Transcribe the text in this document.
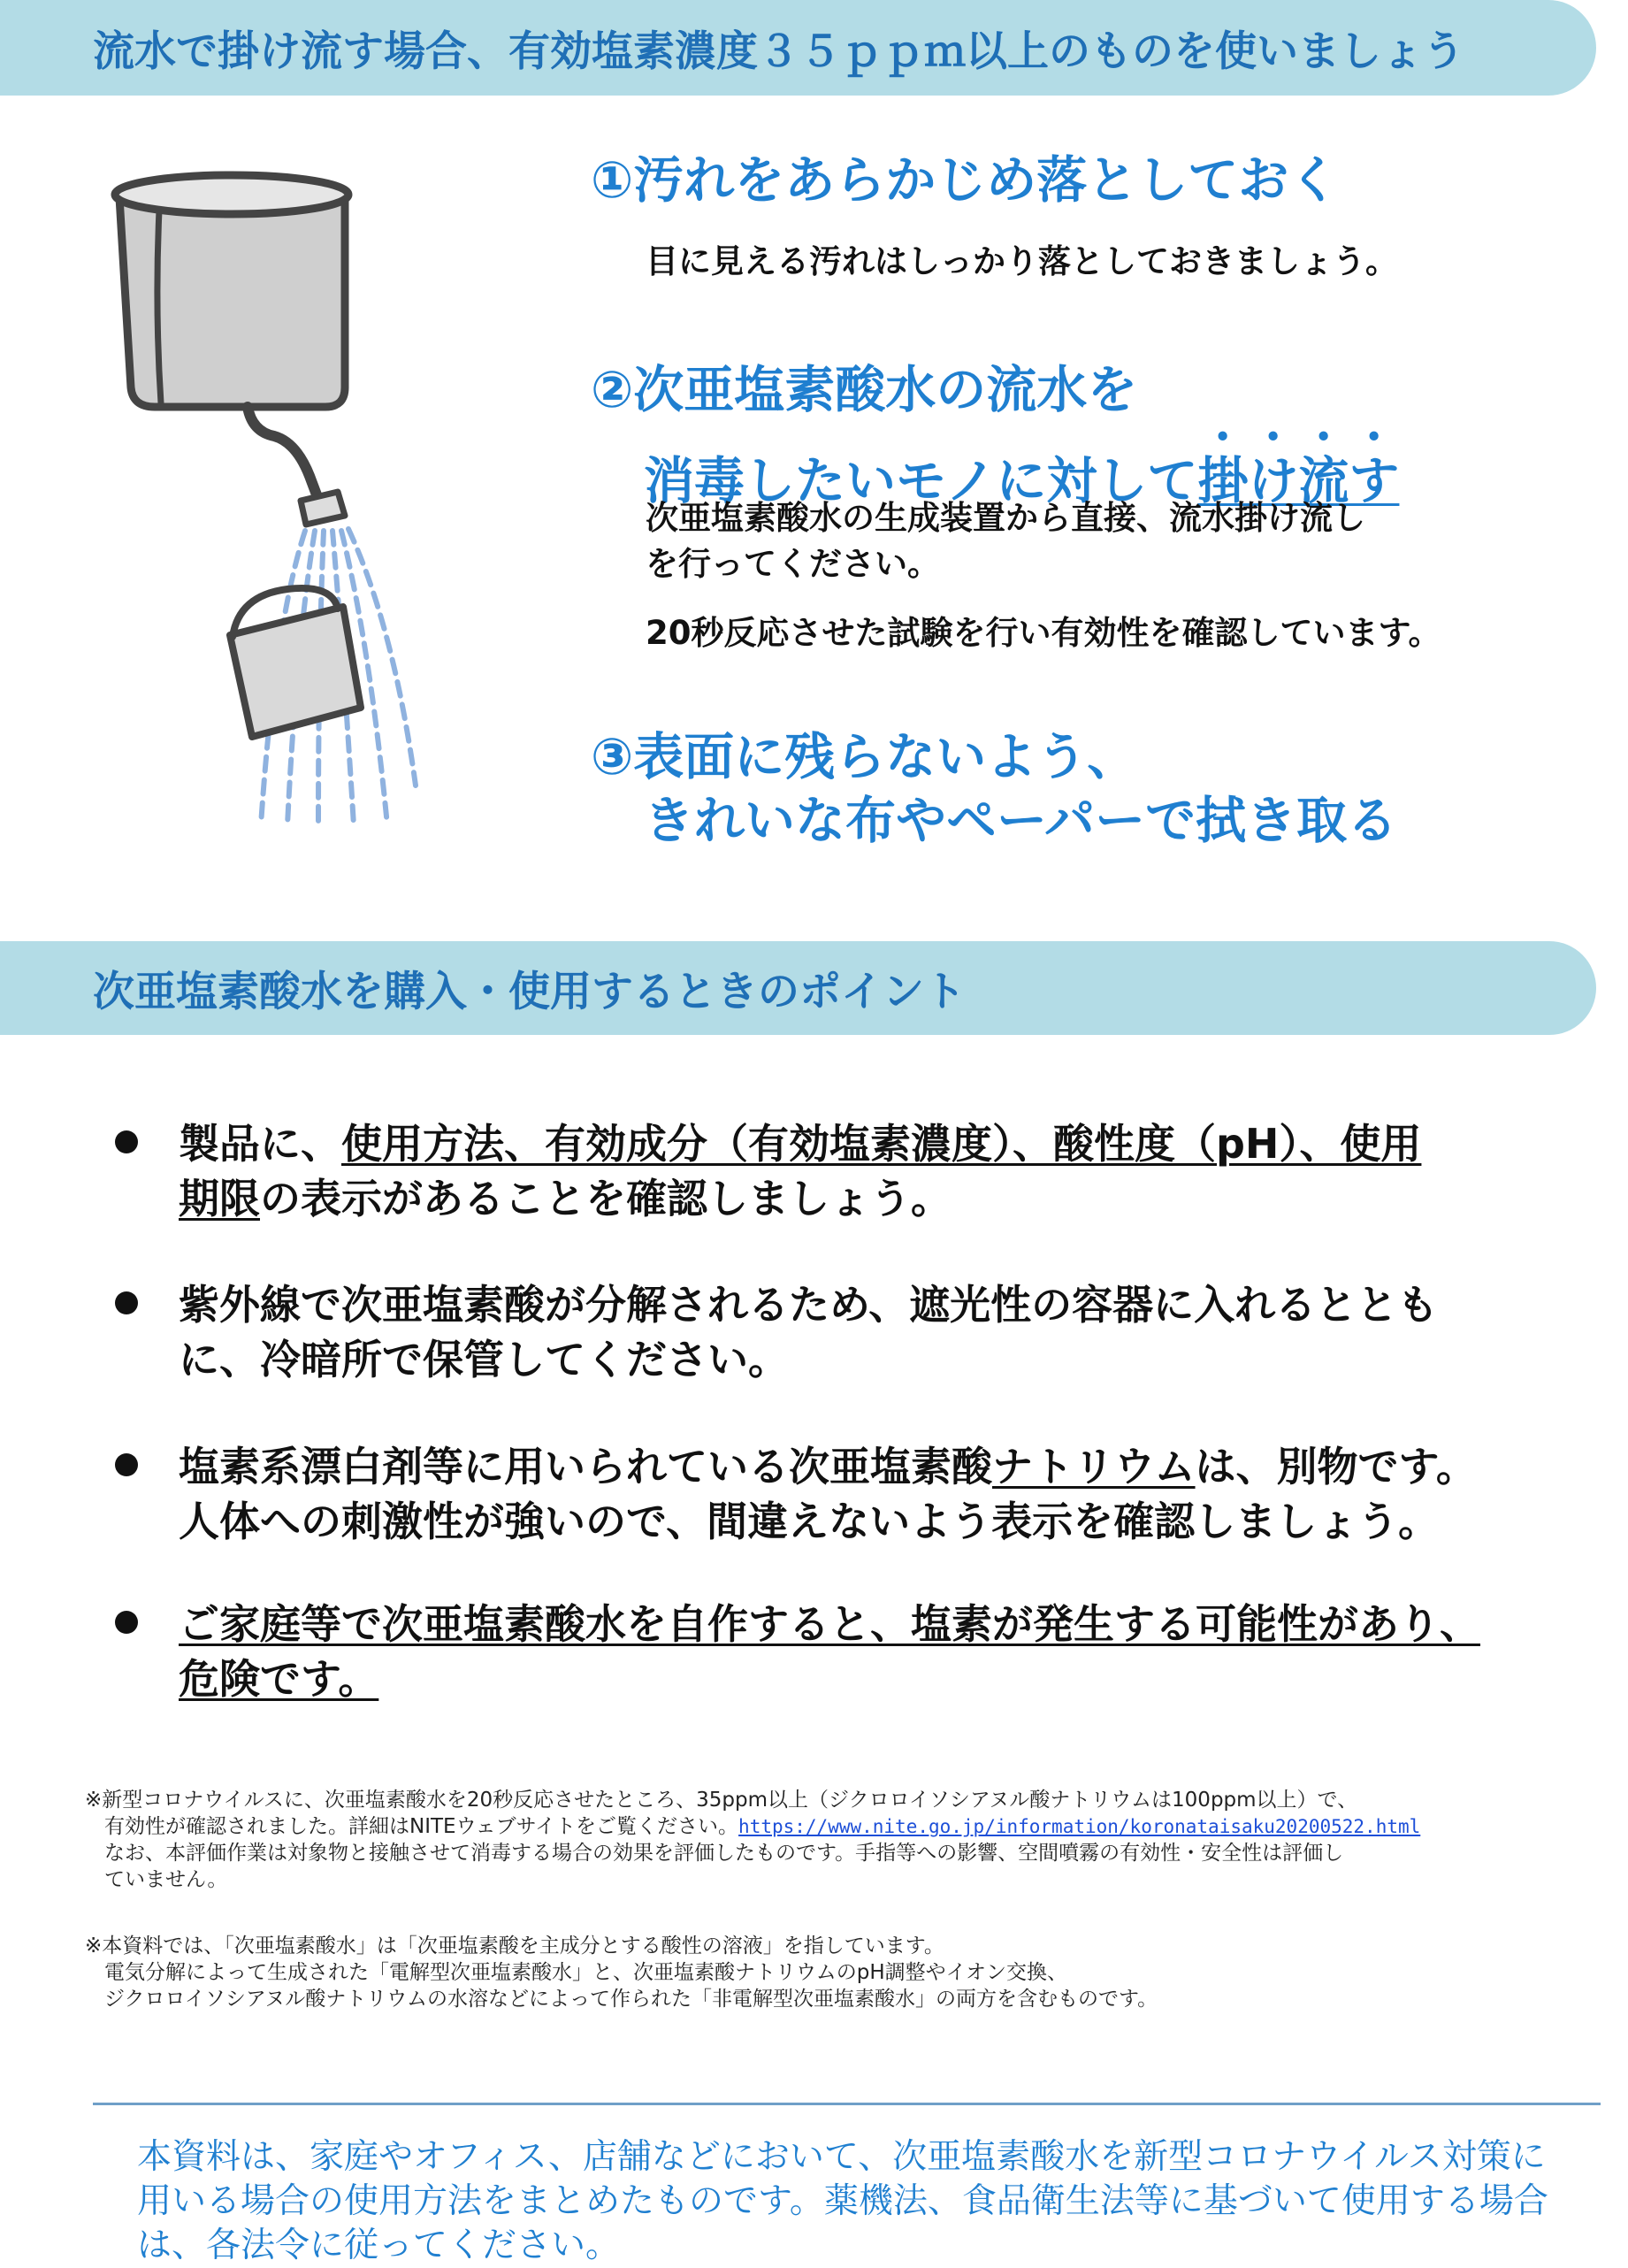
流水で掛け流す場合、有効塩素濃度３５ｐｐｍ以上のものを使いましょう
①汚れをあらかじめ落としておく
目に見える汚れはしっかり落としておきましょう。
②次亜塩素酸水の流水を
消毒したいモノに対して掛け流す
次亜塩素酸水の生成装置から直接、流水掛け流し
を行ってください。
20秒反応させた試験を行い有効性を確認しています。
③表面に残らないよう、
きれいな布やペーパーで拭き取る
次亜塩素酸水を購入・使用するときのポイント
製品に、使用方法、有効成分（有効塩素濃度）、酸性度（pH）、使用
期限の表示があることを確認しましょう。
紫外線で次亜塩素酸が分解されるため、遮光性の容器に入れるととも
に、冷暗所で保管してください。
塩素系漂白剤等に用いられている次亜塩素酸ナトリウムは、別物です。
人体への刺激性が強いので、間違えないよう表示を確認しましょう。
ご家庭等で次亜塩素酸水を自作すると、塩素が発生する可能性があり、
危険です。
※新型コロナウイルスに、次亜塩素酸水を20秒反応させたところ、35ppm以上（ジクロロイソシアヌル酸ナトリウムは100ppm以上）で、
有効性が確認されました。詳細はNITEウェブサイトをご覧ください。https://www.nite.go.jp/information/koronataisaku20200522.html
なお、本評価作業は対象物と接触させて消毒する場合の効果を評価したものです。手指等への影響、空間噴霧の有効性・安全性は評価し
ていません。
※本資料では、「次亜塩素酸水」は「次亜塩素酸を主成分とする酸性の溶液」を指しています。
電気分解によって生成された「電解型次亜塩素酸水」と、次亜塩素酸ナトリウムのpH調整やイオン交換、
ジクロロイソシアヌル酸ナトリウムの水溶などによって作られた「非電解型次亜塩素酸水」の両方を含むものです。
本資料は、家庭やオフィス、店舗などにおいて、次亜塩素酸水を新型コロナウイルス対策に
用いる場合の使用方法をまとめたものです。薬機法、食品衛生法等に基づいて使用する場合
は、各法令に従ってください。
